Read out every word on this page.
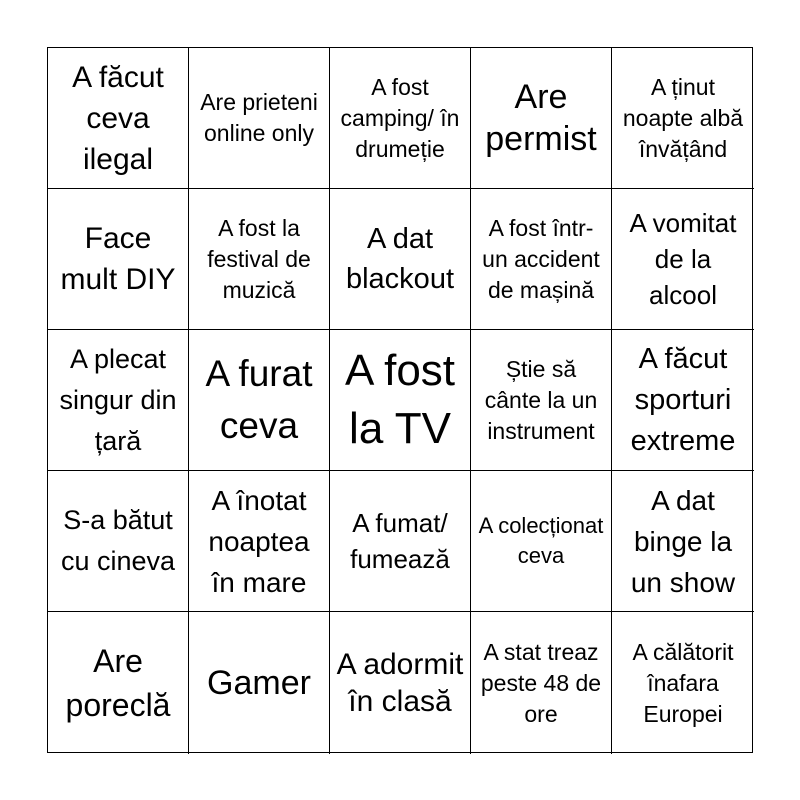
A făcut ceva ilegal
Are prieteni online only
A fost camping/ în drumeție
Are permist
A ținut noapte albă învățând
Face mult DIY
A fost la festival de muzică
A dat blackout
A fost într-un accident de mașină
A vomitat de la alcool
A plecat singur din țară
A furat ceva
A fost la TV
Știe să cânte la un instrument
A făcut sporturi extreme
S-a bătut cu cineva
A înotat noaptea în mare
A fumat/ fumează
A colecționat ceva
A dat binge la un show
Are poreclă
Gamer A adormit în clasă
A stat treaz peste 48 de ore
A călătorit înafara Europei
